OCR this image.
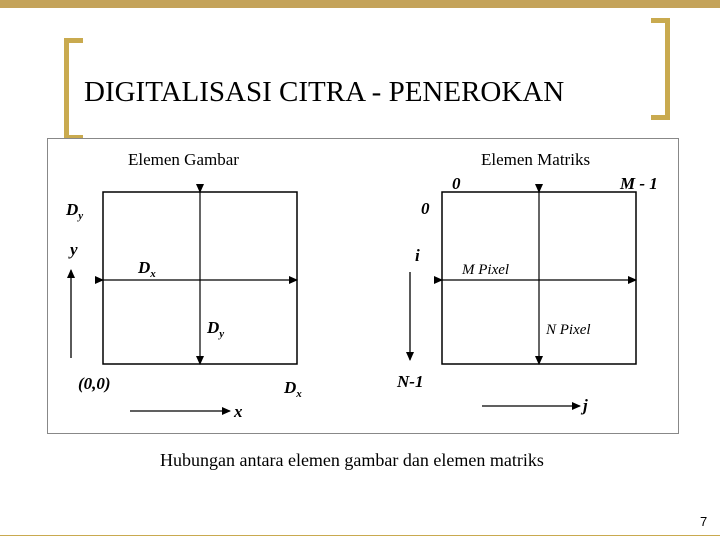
DIGITALISASI CITRA - PENEROKAN
Elemen Gambar
$D_y$
y
$D_x$
$D_y$
(0,0)	$D_x$
x
Elemen Matriks
0	M - 1
0
i
M Pixel
N Pixel
N-1
j
Hubungan antara elemen gambar dan elemen matriks
7
